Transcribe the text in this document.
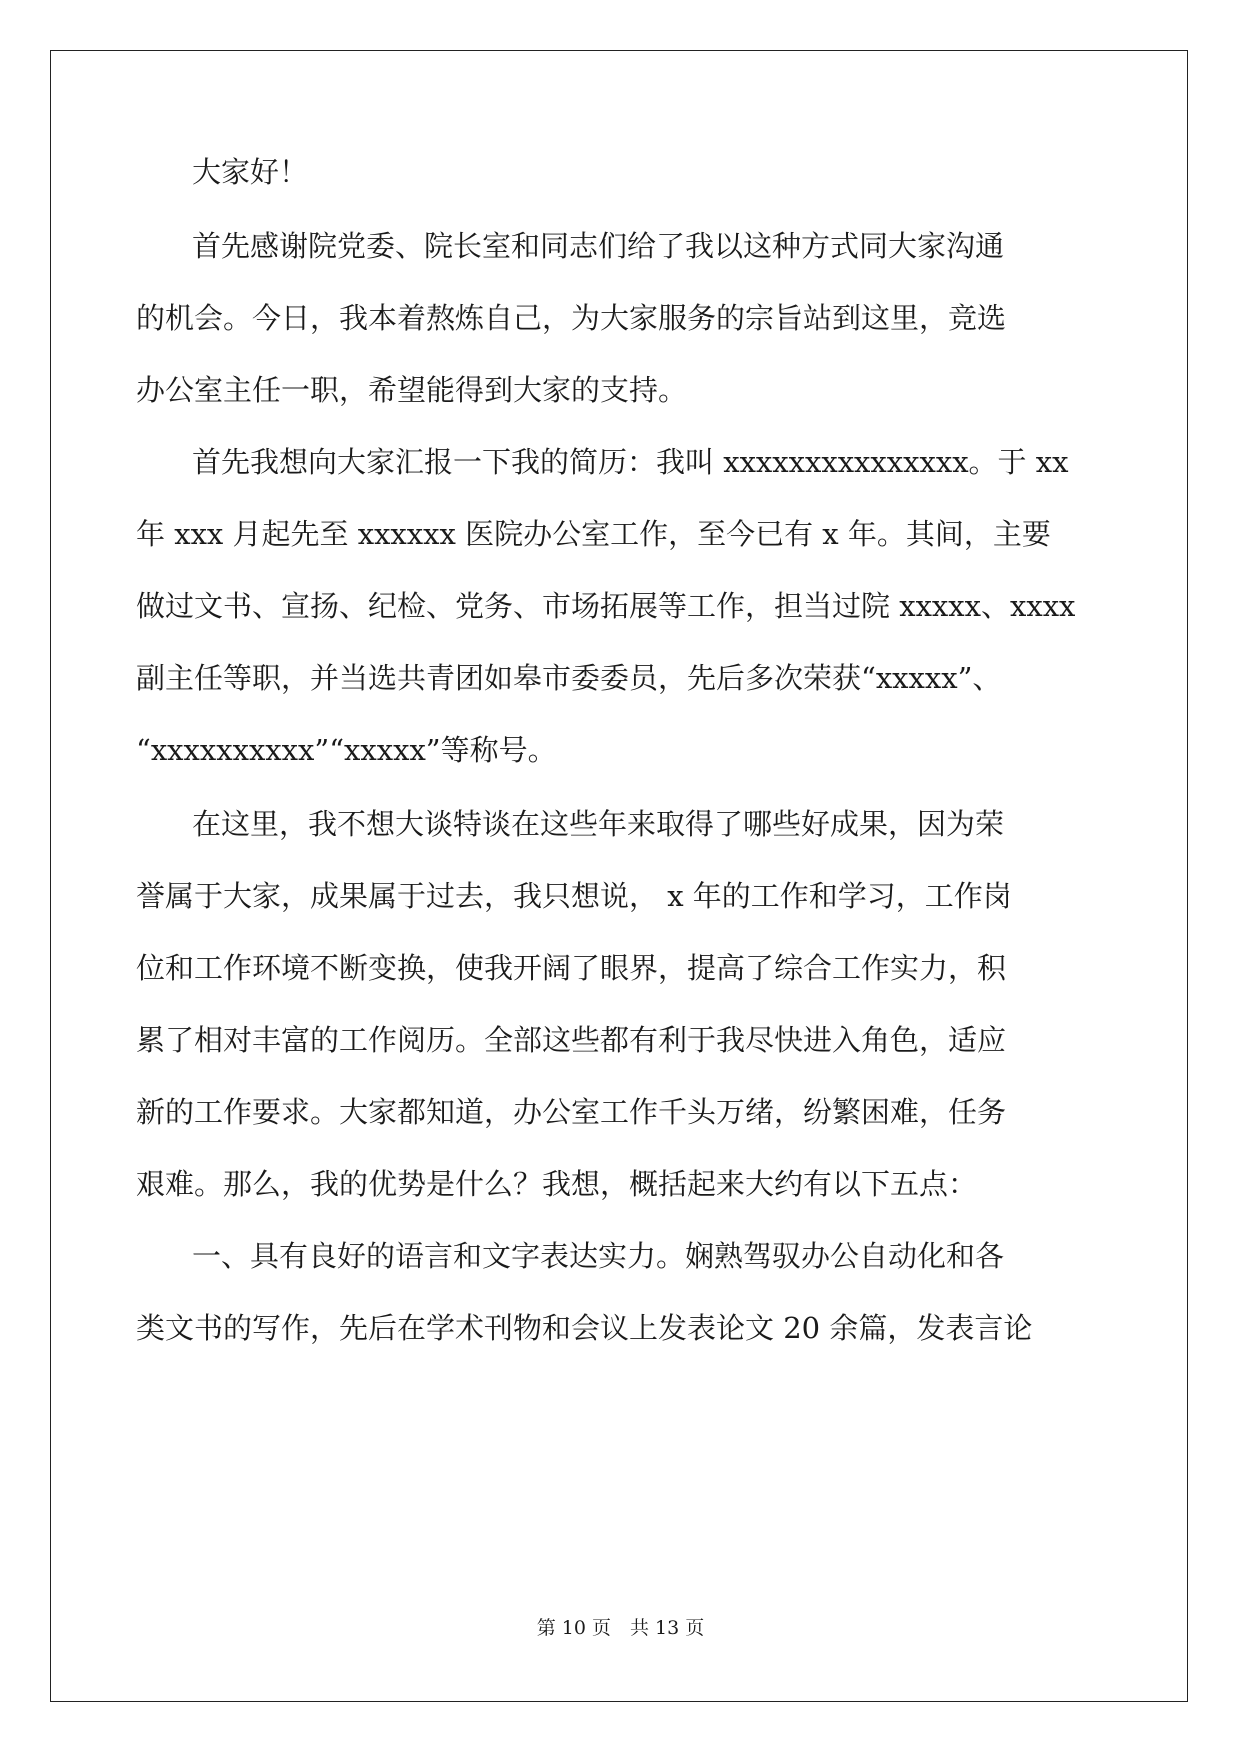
大家好！
首先感谢院党委、院长室和同志们给了我以这种方式同大家沟通
的机会。今日，我本着熬炼自己，为大家服务的宗旨站到这里，竞选
办公室主任一职，希望能得到大家的支持。
首先我想向大家汇报一下我的简历：我叫 xxxxxxxxxxxxxxx。于 xx
年 xxx 月起先至 xxxxxx 医院办公室工作，至今已有 x 年。其间，主要
做过文书、宣扬、纪检、党务、市场拓展等工作，担当过院 xxxxx、xxxx
副主任等职，并当选共青团如皋市委委员，先后多次荣获“xxxxx”、
“xxxxxxxxxx”“xxxxx”等称号。
在这里，我不想大谈特谈在这些年来取得了哪些好成果，因为荣
誉属于大家，成果属于过去，我只想说， x 年的工作和学习，工作岗
位和工作环境不断变换，使我开阔了眼界，提高了综合工作实力，积
累了相对丰富的工作阅历。全部这些都有利于我尽快进入角色，适应
新的工作要求。大家都知道，办公室工作千头万绪，纷繁困难，任务
艰难。那么，我的优势是什么？我想，概括起来大约有以下五点：
一、具有良好的语言和文字表达实力。娴熟驾驭办公自动化和各
类文书的写作，先后在学术刊物和会议上发表论文 20 余篇，发表言论
第 10 页　共 13 页
